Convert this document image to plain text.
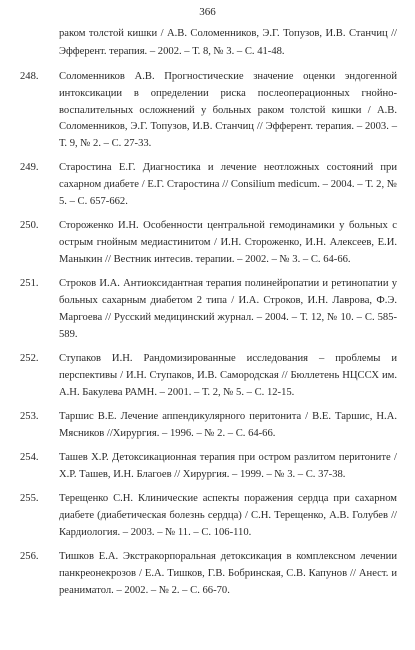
366
раком толстой кишки / А.В. Соломенников, Э.Г. Топузов, И.В. Станчиц // Эфферент. терапия. – 2002. – Т. 8, № 3. – С. 41-48.
248. Соломенников А.В. Прогностические значение оценки эндогенной интоксикации в определении риска послеоперационных гнойно-воспалительных осложнений у больных раком толстой кишки / А.В. Соломенников, Э.Г. Топузов, И.В. Станчиц // Эфферент. терапия. – 2003. – Т. 9, № 2. – С. 27-33.
249. Старостина Е.Г. Диагностика и лечение неотложных состояний при сахарном диабете / Е.Г. Старостина // Consilium medicum. – 2004. – Т. 2, № 5. – С. 657-662.
250. Стороженко И.Н. Особенности центральной гемодинамики у больных с острым гнойным медиастинитом / И.Н. Стороженко, И.Н. Алексеев, Е.И. Маныкин // Вестник интесив. терапии. – 2002. – № 3. – С. 64-66.
251. Строков И.А. Антиоксидантная терапия полинейропатии и ретинопатии у больных сахарным диабетом 2 типа / И.А. Строков, И.Н. Лаврова, Ф.Э. Маргоева // Русский медицинский журнал. – 2004. – Т. 12, № 10. – С. 585-589.
252. Ступаков И.Н. Рандомизированные исследования – проблемы и перспективы / И.Н. Ступаков, И.В. Самородская // Бюллетень НЦССХ им. А.Н. Бакулева РАМН. – 2001. – Т. 2, № 5. – С. 12-15.
253. Таршис В.Е. Лечение аппендикулярного перитонита / В.Е. Таршис, Н.А. Мясников //Хирургия. – 1996. – № 2. – С. 64-66.
254. Ташев Х.Р. Детоксикационная терапия при остром разлитом перитоните / Х.Р. Ташев, И.Н. Благоев // Хирургия. – 1999. – № 3. – С. 37-38.
255. Терещенко С.Н. Клинические аспекты поражения сердца при сахарном диабете (диабетическая болезнь сердца) / С.Н. Терещенко, А.В. Голубев // Кардиология. – 2003. – № 11. – С. 106-110.
256. Тишков Е.А. Экстракорпоральная детоксикация в комплексном лечении панкреонекрозов / Е.А. Тишков, Г.В. Бобринская, С.В. Капунов // Анест. и реаниматол. – 2002. – № 2. – С. 66-70.
